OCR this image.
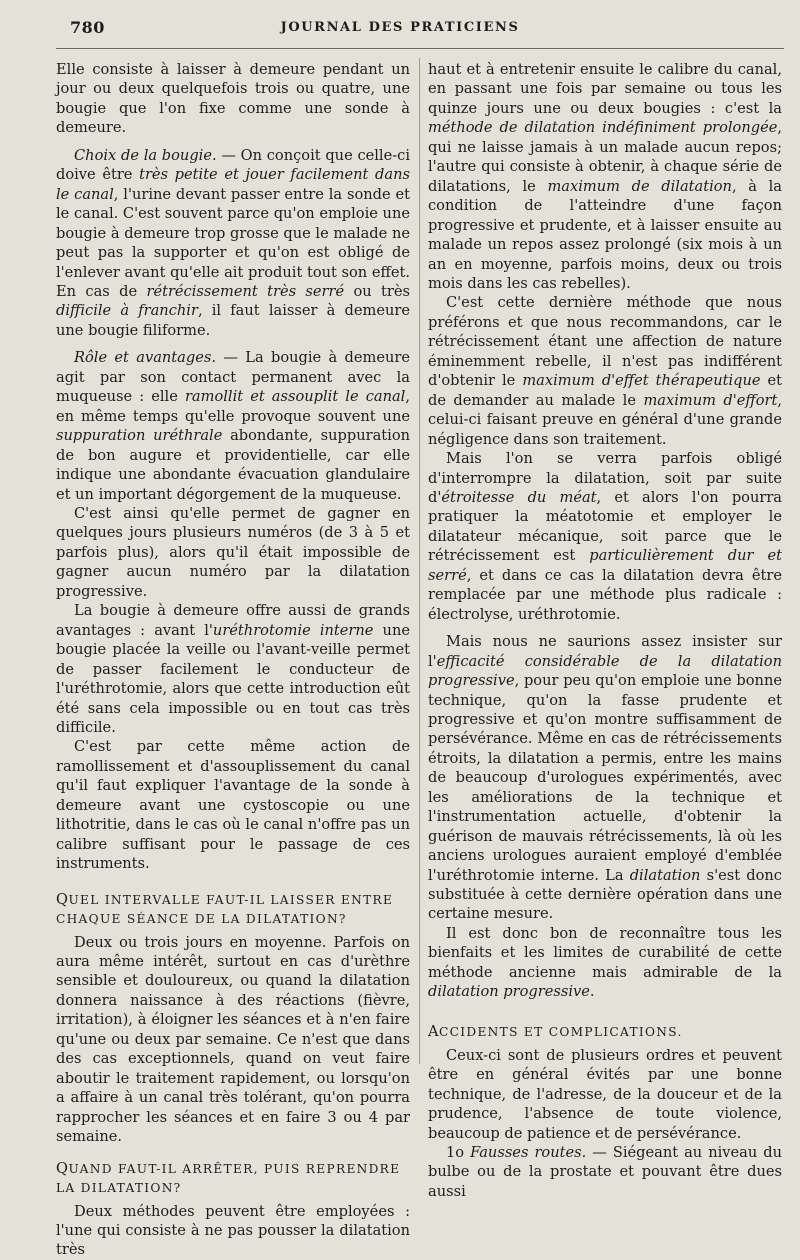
780	JOURNAL DES PRATICIENS

Elle consiste à laisser à demeure pendant un jour ou deux quelquefois trois ou quatre, une bougie que l'on fixe comme une sonde à demeure.

Choix de la bougie. — On conçoit que celle-ci doive être très petite et jouer facilement dans le canal, l'urine devant passer entre la sonde et le canal. C'est souvent parce qu'on emploie une bougie à demeure trop grosse que le malade ne peut pas la supporter et qu'on est obligé de l'enlever avant qu'elle ait produit tout son effet. En cas de rétrécissement très serré ou très difficile à franchir, il faut laisser à demeure une bougie filiforme.

Rôle et avantages. — La bougie à demeure agit par son contact permanent avec la muqueuse : elle ramollit et assouplit le canal, en même temps qu'elle provoque souvent une suppuration uréthrale abondante, suppuration de bon augure et providentielle, car elle indique une abondante évacuation glandulaire et un important dégorgement de la muqueuse.

C'est ainsi qu'elle permet de gagner en quelques jours plusieurs numéros (de 3 à 5 et parfois plus), alors qu'il était impossible de gagner aucun numéro par la dilatation progressive.

La bougie à demeure offre aussi de grands avantages : avant l'uréthrotomie interne une bougie placée la veille ou l'avant-veille permet de passer facilement le conducteur de l'uréthrotomie, alors que cette introduction eût été sans cela impossible ou en tout cas très difficile.

C'est par cette même action de ramollissement et d'assouplissement du canal qu'il faut expliquer l'avantage de la sonde à demeure avant une cystoscopie ou une lithotritie, dans le cas où le canal n'offre pas un calibre suffisant pour le passage de ces instruments.

QUEL INTERVALLE FAUT-IL LAISSER ENTRE CHAQUE SÉANCE DE LA DILATATION?

Deux ou trois jours en moyenne. Parfois on aura même intérêt, surtout en cas d'urèthre sensible et douloureux, ou quand la dilatation donnera naissance à des réactions (fièvre, irritation), à éloigner les séances et à n'en faire qu'une ou deux par semaine. Ce n'est que dans des cas exceptionnels, quand on veut faire aboutir le traitement rapidement, ou lorsqu'on a affaire à un canal très tolérant, qu'on pourra rapprocher les séances et en faire 3 ou 4 par semaine.

QUAND FAUT-IL ARRÊTER, PUIS REPRENDRE LA DILATATION?

Deux méthodes peuvent être employées : l'une qui consiste à ne pas pousser la dilatation très

haut et à entretenir ensuite le calibre du canal, en passant une fois par semaine ou tous les quinze jours une ou deux bougies : c'est la méthode de dilatation indéfiniment prolongée, qui ne laisse jamais à un malade aucun repos; l'autre qui consiste à obtenir, à chaque série de dilatations, le maximum de dilatation, à la condition de l'atteindre d'une façon progressive et prudente, et à laisser ensuite au malade un repos assez prolongé (six mois à un an en moyenne, parfois moins, deux ou trois mois dans les cas rebelles).

C'est cette dernière méthode que nous préférons et que nous recommandons, car le rétrécissement étant une affection de nature éminemment rebelle, il n'est pas indifférent d'obtenir le maximum d'effet thérapeutique et de demander au malade le maximum d'effort, celui-ci faisant preuve en général d'une grande négligence dans son traitement.

Mais l'on se verra parfois obligé d'interrompre la dilatation, soit par suite d'étroitesse du méat, et alors l'on pourra pratiquer la méatotomie et employer le dilatateur mécanique, soit parce que le rétrécissement est particulièrement dur et serré, et dans ce cas la dilatation devra être remplacée par une méthode plus radicale : électrolyse, uréthrotomie.

Mais nous ne saurions assez insister sur l'efficacité considérable de la dilatation progressive, pour peu qu'on emploie une bonne technique, qu'on la fasse prudente et progressive et qu'on montre suffisamment de persévérance. Même en cas de rétrécissements étroits, la dilatation a permis, entre les mains de beaucoup d'urologues expérimentés, avec les améliorations de la technique et l'instrumentation actuelle, d'obtenir la guérison de mauvais rétrécissements, là où les anciens urologues auraient employé d'emblée l'uréthrotomie interne. La dilatation s'est donc substituée à cette dernière opération dans une certaine mesure.

Il est donc bon de reconnaître tous les bienfaits et les limites de curabilité de cette méthode ancienne mais admirable de la dilatation progressive.

ACCIDENTS ET COMPLICATIONS.

Ceux-ci sont de plusieurs ordres et peuvent être en général évités par une bonne technique, de l'adresse, de la douceur et de la prudence, l'absence de toute violence, beaucoup de patience et de persévérance.

1o Fausses routes. — Siégeant au niveau du bulbe ou de la prostate et pouvant être dues aussi
